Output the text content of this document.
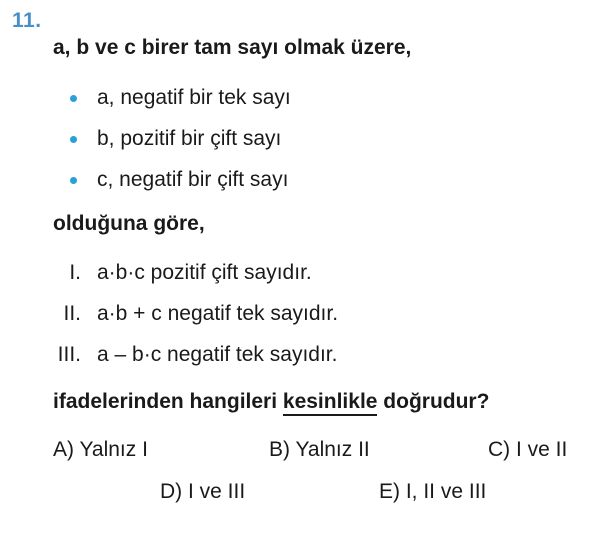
11.
a, b ve c birer tam sayı olmak üzere,
a, negatif bir tek sayı
b, pozitif bir çift sayı
c, negatif bir çift sayı
olduğuna göre,
I. a·b·c pozitif çift sayıdır.
II. a·b + c negatif tek sayıdır.
III. a – b·c negatif tek sayıdır.
ifadelerinden hangileri kesinlikle doğrudur?
A) Yalnız I	B) Yalnız II	C) I ve II
D) I ve III	E) I, II ve III
